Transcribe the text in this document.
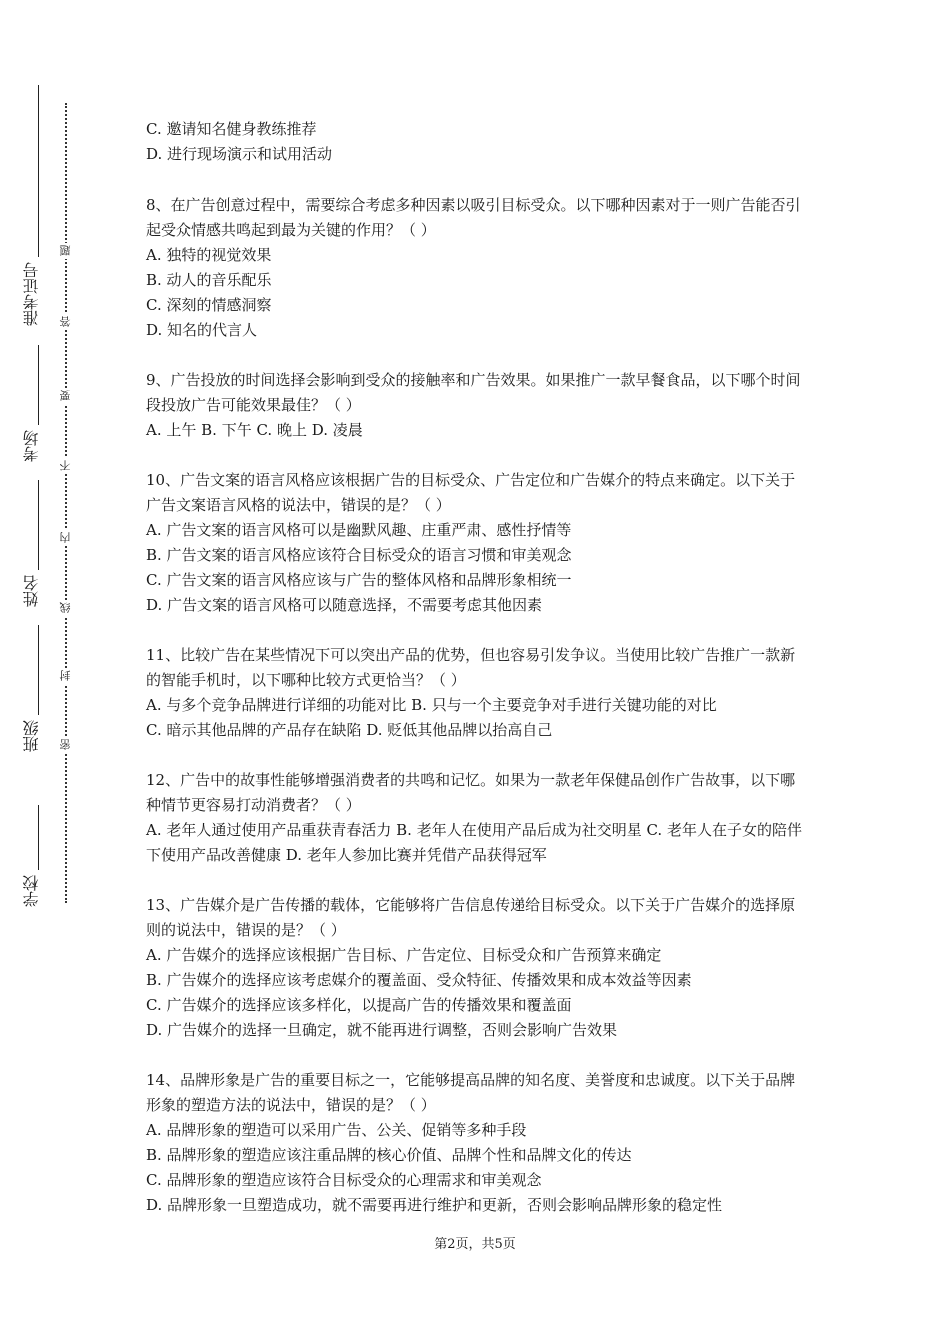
学校
班级
姓名
考场
准考证号
密
封
线
内
不
要
答
题
C. 邀请知名健身教练推荐
D. 进行现场演示和试用活动
8、在广告创意过程中，需要综合考虑多种因素以吸引目标受众。以下哪种因素对于一则广告能否引起受众情感共鸣起到最为关键的作用？（ ）
A. 独特的视觉效果
B. 动人的音乐配乐
C. 深刻的情感洞察
D. 知名的代言人
9、广告投放的时间选择会影响到受众的接触率和广告效果。如果推广一款早餐食品，以下哪个时间段投放广告可能效果最佳？（ ）
A. 上午 B. 下午 C. 晚上 D. 凌晨
10、广告文案的语言风格应该根据广告的目标受众、广告定位和广告媒介的特点来确定。以下关于广告文案语言风格的说法中，错误的是？（ ）
A. 广告文案的语言风格可以是幽默风趣、庄重严肃、感性抒情等
B. 广告文案的语言风格应该符合目标受众的语言习惯和审美观念
C. 广告文案的语言风格应该与广告的整体风格和品牌形象相统一
D. 广告文案的语言风格可以随意选择，不需要考虑其他因素
11、比较广告在某些情况下可以突出产品的优势，但也容易引发争议。当使用比较广告推广一款新的智能手机时，以下哪种比较方式更恰当？（ ）
A. 与多个竞争品牌进行详细的功能对比 B. 只与一个主要竞争对手进行关键功能的对比
C. 暗示其他品牌的产品存在缺陷 D. 贬低其他品牌以抬高自己
12、广告中的故事性能够增强消费者的共鸣和记忆。如果为一款老年保健品创作广告故事，以下哪种情节更容易打动消费者？（ ）
A. 老年人通过使用产品重获青春活力 B. 老年人在使用产品后成为社交明星 C. 老年人在子女的陪伴下使用产品改善健康 D. 老年人参加比赛并凭借产品获得冠军
13、广告媒介是广告传播的载体，它能够将广告信息传递给目标受众。以下关于广告媒介的选择原则的说法中，错误的是？（ ）
A. 广告媒介的选择应该根据广告目标、广告定位、目标受众和广告预算来确定
B. 广告媒介的选择应该考虑媒介的覆盖面、受众特征、传播效果和成本效益等因素
C. 广告媒介的选择应该多样化，以提高广告的传播效果和覆盖面
D. 广告媒介的选择一旦确定，就不能再进行调整，否则会影响广告效果
14、品牌形象是广告的重要目标之一，它能够提高品牌的知名度、美誉度和忠诚度。以下关于品牌形象的塑造方法的说法中，错误的是？（ ）
A. 品牌形象的塑造可以采用广告、公关、促销等多种手段
B. 品牌形象的塑造应该注重品牌的核心价值、品牌个性和品牌文化的传达
C. 品牌形象的塑造应该符合目标受众的心理需求和审美观念
D. 品牌形象一旦塑造成功，就不需要再进行维护和更新，否则会影响品牌形象的稳定性
第2页，共5页
